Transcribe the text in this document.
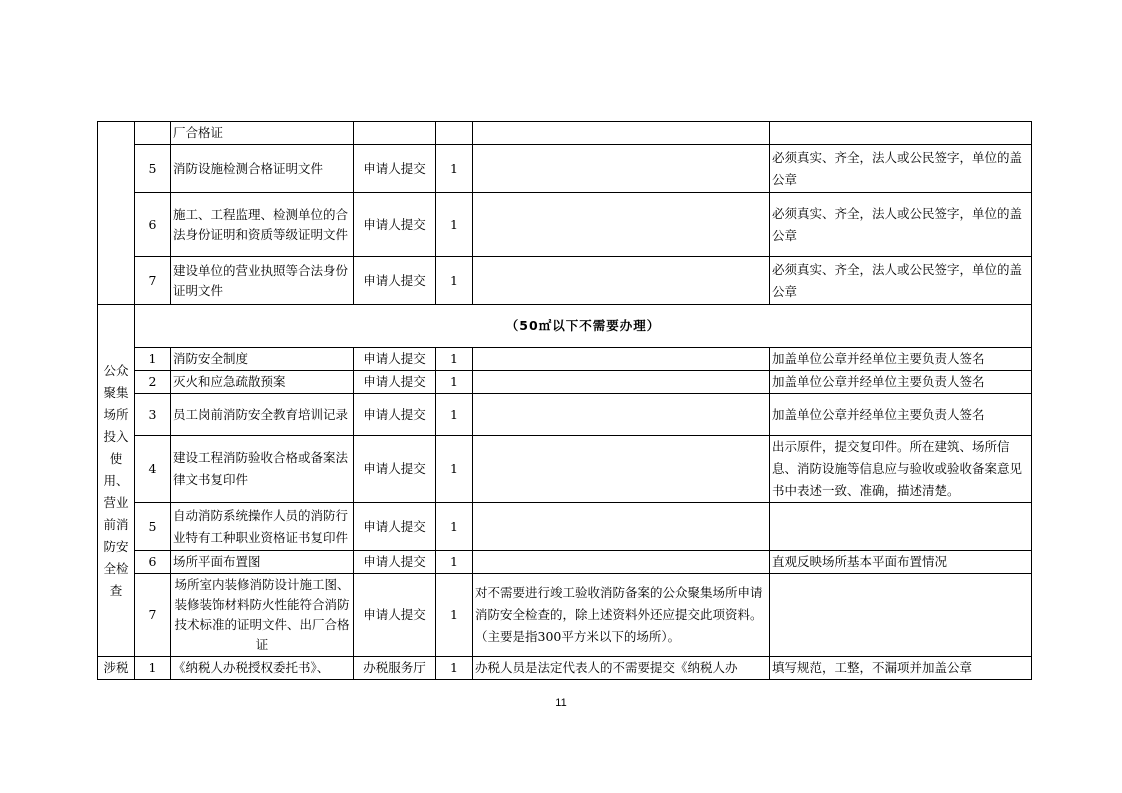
		厂合格证				
	5	消防设施检测合格证明文件	申请人提交	1		必须真实、齐全，法人或公民签字，单位的盖公章
	6	施工、工程监理、检测单位的合法身份证明和资质等级证明文件	申请人提交	1		必须真实、齐全，法人或公民签字，单位的盖公章
	7	建设单位的营业执照等合法身份证明文件	申请人提交	1		必须真实、齐全，法人或公民签字，单位的盖公章

公众聚集场所投入使用、营业前消防安全检查	（50㎡以下不需要办理）					
	1	消防安全制度	申请人提交	1		加盖单位公章并经单位主要负责人签名
	2	灭火和应急疏散预案	申请人提交	1		加盖单位公章并经单位主要负责人签名
	3	员工岗前消防安全教育培训记录	申请人提交	1		加盖单位公章并经单位主要负责人签名
	4	建设工程消防验收合格或备案法律文书复印件	申请人提交	1		出示原件，提交复印件。所在建筑、场所信息、消防设施等信息应与验收或验收备案意见书中表述一致、准确，描述清楚。
	5	自动消防系统操作人员的消防行业特有工种职业资格证书复印件	申请人提交	1		
	6	场所平面布置图	申请人提交	1		直观反映场所基本平面布置情况
	7	场所室内装修消防设计施工图、装修装饰材料防火性能符合消防技术标准的证明文件、出厂合格证	申请人提交	1	对不需要进行竣工验收消防备案的公众聚集场所申请消防安全检查的，除上述资料外还应提交此项资料。（主要是指300平方米以下的场所）。	
涉税	1	《纳税人办税授权委托书》、	办税服务厅	1	办税人员是法定代表人的不需要提交《纳税人办	填写规范，工整，不漏项并加盖公章
11
